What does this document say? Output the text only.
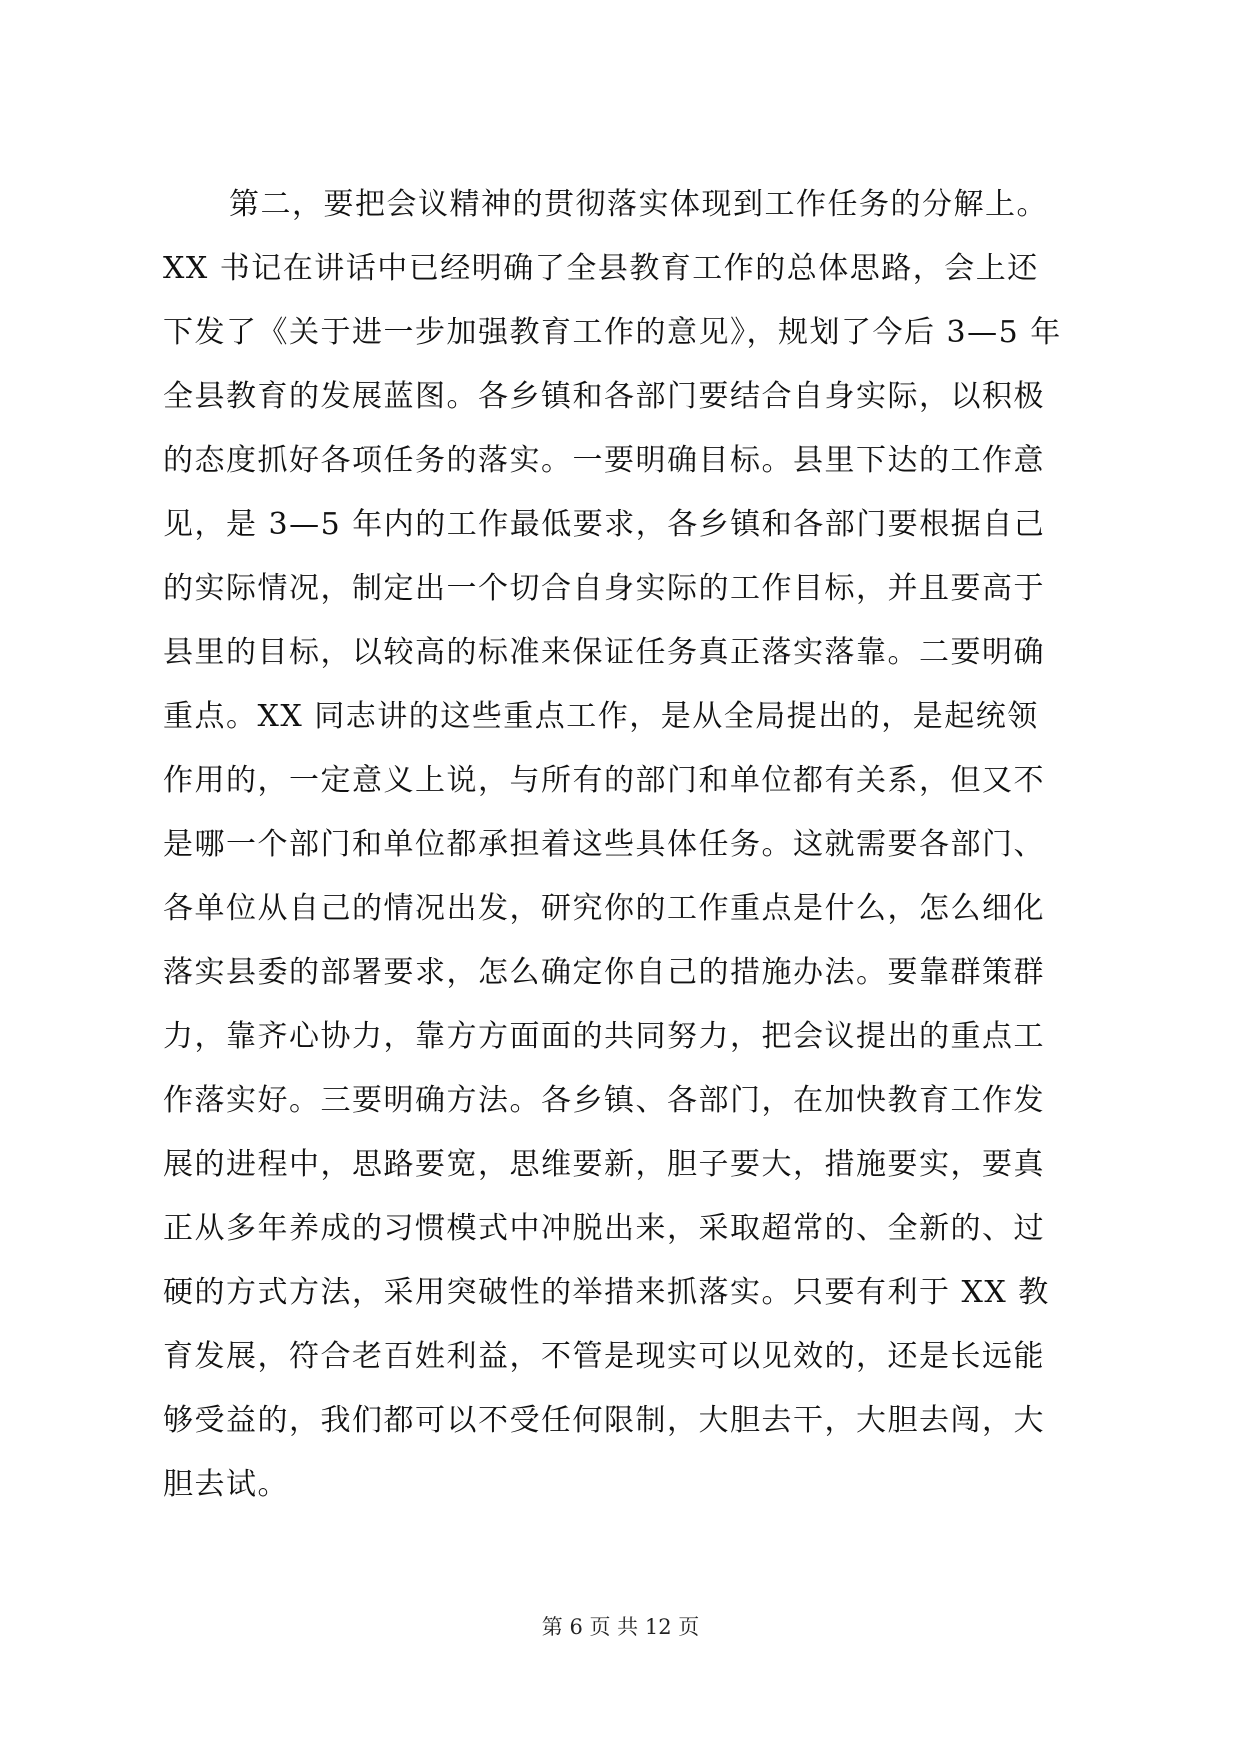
第二，要把会议精神的贯彻落实体现到工作任务的分解上。
XX 书记在讲话中已经明确了全县教育工作的总体思路，会上还
下发了《关于进一步加强教育工作的意见》，规划了今后 3—5 年
全县教育的发展蓝图。各乡镇和各部门要结合自身实际，以积极
的态度抓好各项任务的落实。一要明确目标。县里下达的工作意
见，是 3—5 年内的工作最低要求，各乡镇和各部门要根据自己
的实际情况，制定出一个切合自身实际的工作目标，并且要高于
县里的目标，以较高的标准来保证任务真正落实落靠。二要明确
重点。XX 同志讲的这些重点工作，是从全局提出的，是起统领
作用的，一定意义上说，与所有的部门和单位都有关系，但又不
是哪一个部门和单位都承担着这些具体任务。这就需要各部门、
各单位从自己的情况出发，研究你的工作重点是什么，怎么细化
落实县委的部署要求，怎么确定你自己的措施办法。要靠群策群
力，靠齐心协力，靠方方面面的共同努力，把会议提出的重点工
作落实好。三要明确方法。各乡镇、各部门，在加快教育工作发
展的进程中，思路要宽，思维要新，胆子要大，措施要实，要真
正从多年养成的习惯模式中冲脱出来，采取超常的、全新的、过
硬的方式方法，采用突破性的举措来抓落实。只要有利于 XX 教
育发展，符合老百姓利益，不管是现实可以见效的，还是长远能
够受益的，我们都可以不受任何限制，大胆去干，大胆去闯，大
胆去试。
第 6 页 共 12 页
